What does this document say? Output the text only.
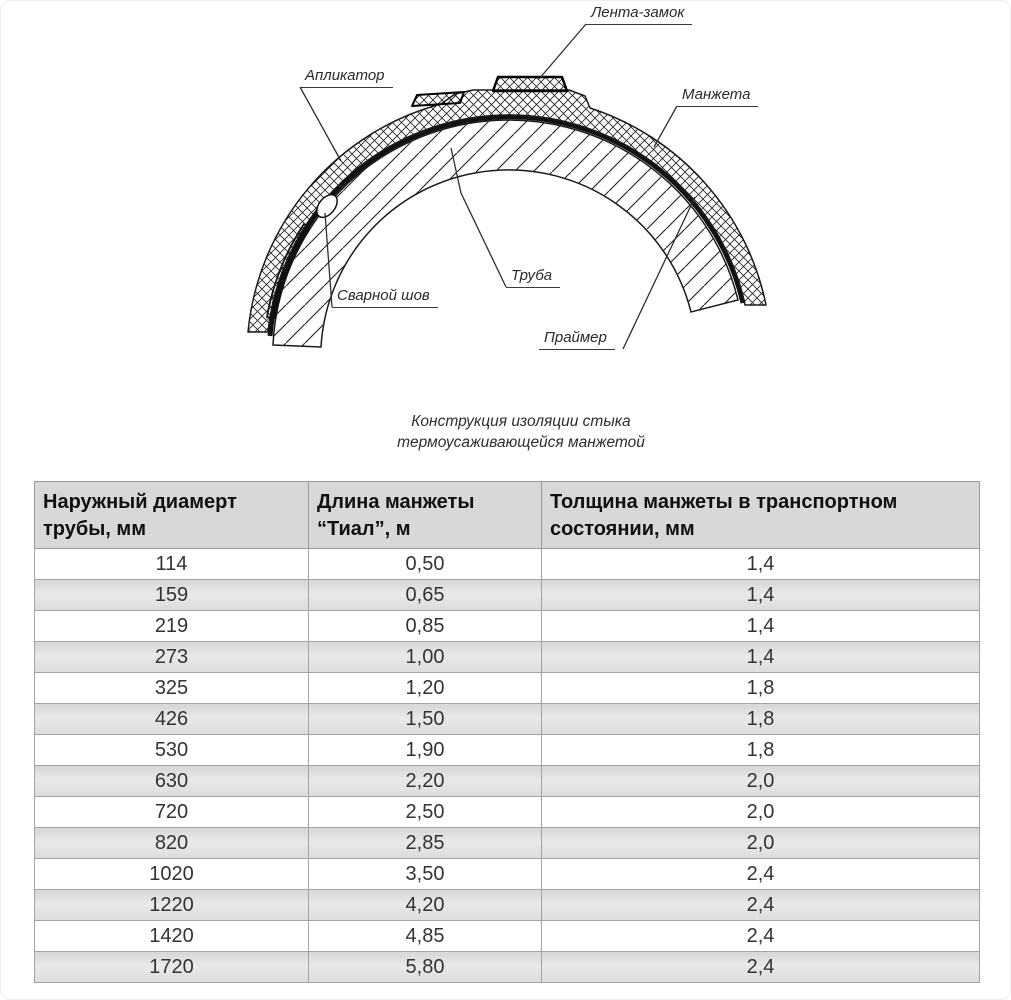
Лента-замок
Апликатор
Манжета
Труба
Сварной шов
Праймер
Конструкция изоляции стыка
термоусаживающейся манжетой
Наружный диамерт трубы, мм	Длина манжеты “Тиал”, м	Толщина манжеты в транспортном состоянии, мм
114	0,50	1,4
159	0,65	1,4
219	0,85	1,4
273	1,00	1,4
325	1,20	1,8
426	1,50	1,8
530	1,90	1,8
630	2,20	2,0
720	2,50	2,0
820	2,85	2,0
1020	3,50	2,4
1220	4,20	2,4
1420	4,85	2,4
1720	5,80	2,4
